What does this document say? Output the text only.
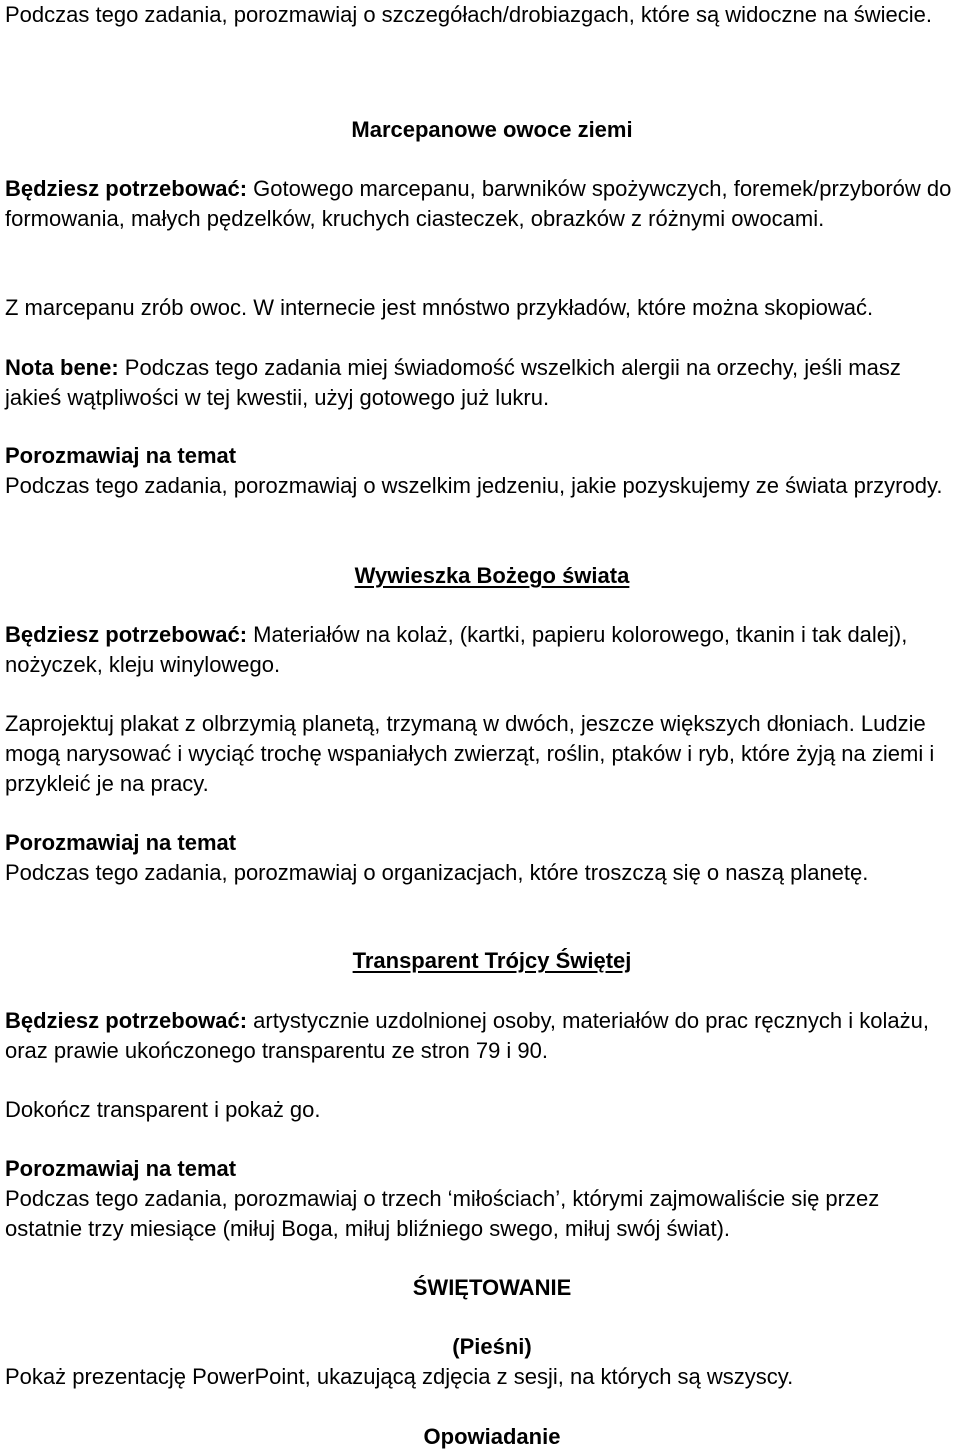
Podczas tego zadania, porozmawiaj o szczegółach/drobiazgach, które są widoczne na świecie.

Marcepanowe owoce ziemi

Będziesz potrzebować: Gotowego marcepanu, barwników spożywczych, foremek/przyborów do formowania, małych pędzelków, kruchych ciasteczek, obrazków z różnymi owocami.

Z marcepanu zrób owoc. W internecie jest mnóstwo przykładów, które można skopiować.

Nota bene: Podczas tego zadania miej świadomość wszelkich alergii na orzechy, jeśli masz jakieś wątpliwości w tej kwestii, użyj gotowego już lukru.

Porozmawiaj na temat

Podczas tego zadania, porozmawiaj o wszelkim jedzeniu, jakie pozyskujemy ze świata przyrody.

Wywieszka Bożego świata

Będziesz potrzebować: Materiałów na kolaż, (kartki, papieru kolorowego, tkanin i tak dalej), nożyczek, kleju winylowego.

Zaprojektuj plakat z olbrzymią planetą, trzymaną w dwóch, jeszcze większych dłoniach. Ludzie mogą narysować i wyciąć trochę wspaniałych zwierząt, roślin, ptaków i ryb, które żyją na ziemi i przykleić je na pracy.

Porozmawiaj na temat

Podczas tego zadania, porozmawiaj o organizacjach, które troszczą się o naszą planetę.

Transparent Trójcy Świętej

Będziesz potrzebować: artystycznie uzdolnionej osoby, materiałów do prac ręcznych i kolażu, oraz prawie ukończonego transparentu ze stron 79 i 90.

Dokończ transparent i pokaż go.

Porozmawiaj na temat

Podczas tego zadania, porozmawiaj o trzech ‘miłościach’, którymi zajmowaliście się przez ostatnie trzy miesiące (miłuj Boga, miłuj bliźniego swego, miłuj swój świat).

ŚWIĘTOWANIE

(Pieśni)

Pokaż prezentację PowerPoint, ukazującą zdjęcia z sesji, na których są wszyscy.

Opowiadanie
